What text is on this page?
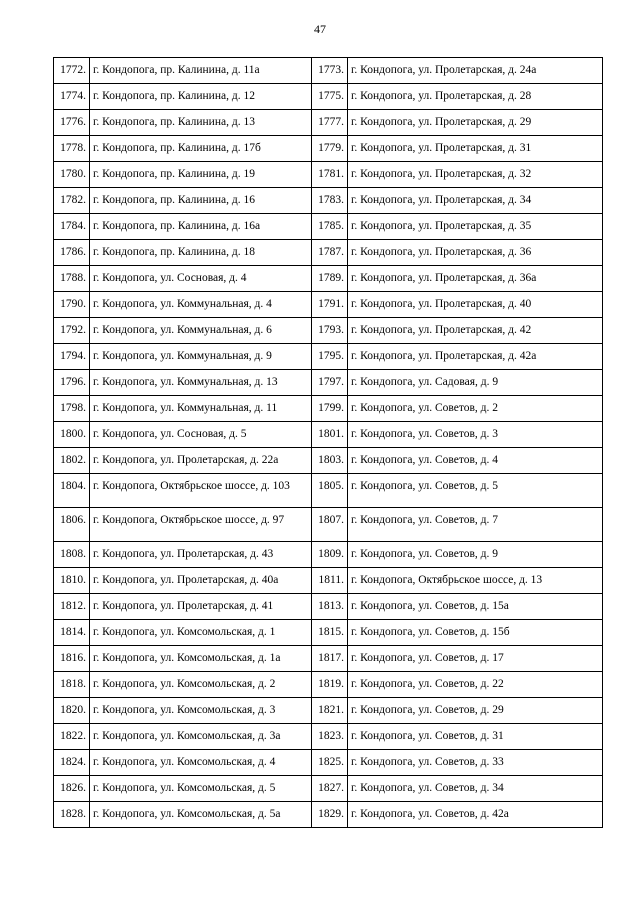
47
1772.	г. Кондопога, пр. Калинина, д. 11а	1773.	г. Кондопога, ул. Пролетарская, д. 24а
1774.	г. Кондопога, пр. Калинина, д. 12	1775.	г. Кондопога, ул. Пролетарская, д. 28
1776.	г. Кондопога, пр. Калинина, д. 13	1777.	г. Кондопога, ул. Пролетарская, д. 29
1778.	г. Кондопога, пр. Калинина, д. 17б	1779.	г. Кондопога, ул. Пролетарская, д. 31
1780.	г. Кондопога, пр. Калинина, д. 19	1781.	г. Кондопога, ул. Пролетарская, д. 32
1782.	г. Кондопога, пр. Калинина, д. 16	1783.	г. Кондопога, ул. Пролетарская, д. 34
1784.	г. Кондопога, пр. Калинина, д. 16а	1785.	г. Кондопога, ул. Пролетарская, д. 35
1786.	г. Кондопога, пр. Калинина, д. 18	1787.	г. Кондопога, ул. Пролетарская, д. 36
1788.	г. Кондопога, ул. Сосновая, д. 4	1789.	г. Кондопога, ул. Пролетарская, д. 36а
1790.	г. Кондопога, ул. Коммунальная, д. 4	1791.	г. Кондопога, ул. Пролетарская, д. 40
1792.	г. Кондопога, ул. Коммунальная, д. 6	1793.	г. Кондопога, ул. Пролетарская, д. 42
1794.	г. Кондопога, ул. Коммунальная, д. 9	1795.	г. Кондопога, ул. Пролетарская, д. 42а
1796.	г. Кондопога, ул. Коммунальная, д. 13	1797.	г. Кондопога, ул. Садовая, д. 9
1798.	г. Кондопога, ул. Коммунальная, д. 11	1799.	г. Кондопога, ул. Советов, д. 2
1800.	г. Кондопога, ул. Сосновая, д. 5	1801.	г. Кондопога, ул. Советов, д. 3
1802.	г. Кондопога, ул. Пролетарская, д. 22а	1803.	г. Кондопога, ул. Советов, д. 4
1804.	г. Кондопога, Октябрьское шоссе, д. 103	1805.	г. Кондопога, ул. Советов, д. 5
1806.	г. Кондопога, Октябрьское шоссе, д. 97	1807.	г. Кондопога, ул. Советов, д. 7
1808.	г. Кондопога, ул. Пролетарская, д. 43	1809.	г. Кондопога, ул. Советов, д. 9
1810.	г. Кондопога, ул. Пролетарская, д. 40а	1811.	г. Кондопога, Октябрьское шоссе, д. 13
1812.	г. Кондопога, ул. Пролетарская, д. 41	1813.	г. Кондопога, ул. Советов, д. 15а
1814.	г. Кондопога, ул. Комсомольская, д. 1	1815.	г. Кондопога, ул. Советов, д. 15б
1816.	г. Кондопога, ул. Комсомольская, д. 1а	1817.	г. Кондопога, ул. Советов, д. 17
1818.	г. Кондопога, ул. Комсомольская, д. 2	1819.	г. Кондопога, ул. Советов, д. 22
1820.	г. Кондопога, ул. Комсомольская, д. 3	1821.	г. Кондопога, ул. Советов, д. 29
1822.	г. Кондопога, ул. Комсомольская, д. 3а	1823.	г. Кондопога, ул. Советов, д. 31
1824.	г. Кондопога, ул. Комсомольская, д. 4	1825.	г. Кондопога, ул. Советов, д. 33
1826.	г. Кондопога, ул. Комсомольская, д. 5	1827.	г. Кондопога, ул. Советов, д. 34
1828.	г. Кондопога, ул. Комсомольская, д. 5а	1829.	г. Кондопога, ул. Советов, д. 42а
